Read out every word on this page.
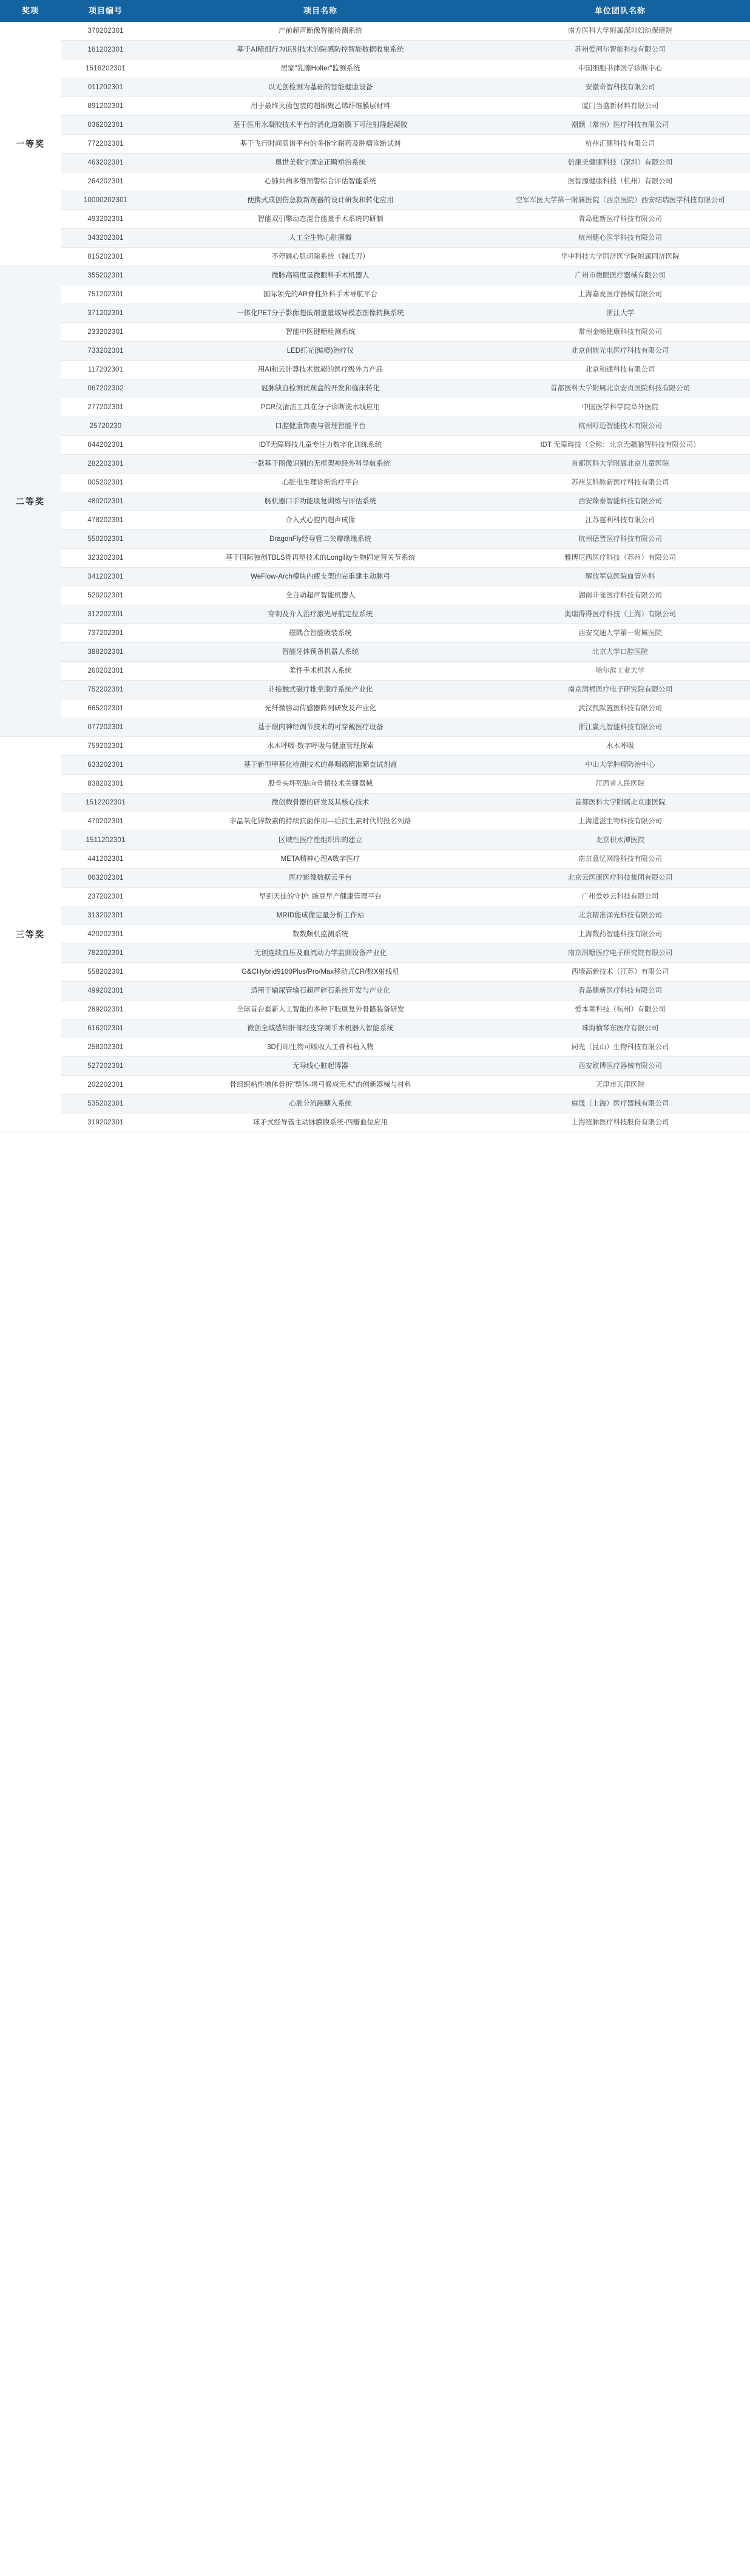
奖项	项目编号	项目名称	单位团队名称
一等奖	370202301	产前超声断像智能检测系统	南方医科大学附属深圳妇幼保健院
	161202301	基于AI精细行为识别技术的院感防控智能数据收集系统	苏州爱河尔智能科技有限公司
	1516202301	居家"乳腺Holter"监测系统	中国细胞书律医学诊断中心
	011202301	以无创检测为基础的智能健康设备	安徽奇智科技有限公司
	891202301	用于最终灭菌包装的超细聚乙烯纤维膜层材料	厦门当盛新材料有限公司
	036202301	基于医用水凝胶技术平台的消化道黏膜下可注射隆起凝胶	潮颢（常州）医疗科技有限公司
	772202301	基于飞行时间质谱平台的多指字耐药及肿瘤诊断试剂	杭州汇健科技有限公司
	463202301	奥世美数字固定正畸矫治系统	倍康美健康科技（深圳）有限公司
	264202301	心肺共病多维预警综合评估智能系统	医智源健康科技（杭州）有限公司
	10000202301	便携式成创伤急救新剂器的设计研发和转化应用	空军军医大学第一附属医院（西京医院）西安结瑞医学科技有限公司
	493202301	智能双引擎动态混合能量手术系统的研制	青岛健新医疗科技有限公司
	343202301	人工全生物心脏膜瓣	杭州健心医学科技有限公司
	815202301	不停跳心肌切除系统（魏氏刀）	华中科技大学同济医学院附属同济医院
二等奖	355202301	微脉高精度显微眼科手术机器人	广州市微眼医疗器械有限公司
	751202301	国际领先的AR脊柱外科手术导航平台	上海嘉麦医疗器械有限公司
	371202301	一体化PET分子影像超低剂量量域导模态图像转换系统	浙江大学
	233202301	智能中医键糖检测系统	常州金畅健康科技有限公司
	733202301	LED红光(编橙)治疗仪	北京创能光电医疗科技有限公司
	117202301	用AI和云计算技术做超的医疗级外力产品	北京和通科技有限公司
	067202302	冠脉缺血检测试剂盒的开发和临床转化	首都医科大学附属北京安贞医院科技有限公司
	277202301	PCR仪清洁工具在分子诊断洗水线应用	中国医学科学院阜外医院
	25720230	口腔健康饰查与管理智能平台	杭州叮迈智能技术有限公司
	044202301	IDT无障碍技儿童专注力数字化训练系统	IDT 无障碍技（全称：北京无疆脑智科技有限公司）
	282202301	一款基于图像识别的无框架神经外科导航系统	首都医科大学附属北京儿童医院
	005202301	心脏电生理诊断治疗平台	苏州艾科脉新医疗科技有限公司
	480202301	肠机器口手功能康复训练与评估系统	西安臻泰智能科技有限公司
	478202301	介入式心腔内超声成像	江苏霆利科技有限公司
	550202301	DragonFly经导管二尖瓣缘缘系统	杭州德晋医疗科技有限公司
	323202301	基于国际独创TBLS骨再塑技术的Longility生物固定替关节系统	雅博尼西医疗科技（苏州）有限公司
	341202301	WeFlow-Arch模块内疲支架的完重建主动脉弓	解放军总医院血管外科
	520202301	全自动超声智能机器人	湖南非雀医疗科技有限公司
	312202301	穿刺及介入治疗激光导航定位系统	奥瑞得得医疗科技（上海）有限公司
	737202301	磁隅合智能吸装系统	西安交通大学第一附属医院
	388202301	智能牙体预备机器人系统	北京大学口腔医院
	260202301	柔性手术机器人系统	哈尔滨工业大学
	752202301	非接触式磁疗推拿康疗系统产业化	南京润桶医疗电子研究院有限公司
	665202301	光纤微膀动传感器阵列研发及产业化	武汉凯默置医科技有限公司
	077202301	基于眼肉神经调节技术的可穿戴医疗设备	浙江赢凡智能科技有限公司
三等奖	759202301	水木呼吸·数字呼吸与健康管理探索	水木呼吸
	633202301	基于新型甲基化检测技术的鼻咽癌精准筛查试剂盒	中山大学肿瘤防治中心
	838202301	股骨头坏死贴向骨植技术关键器械	江西省人民医院
	1512202301	微创载骨器的研发及其核心技术	首都医科大学附属北京康医院
	470202301	非晶氧化锌数素的持续抗菌作用—后抗生素时代的投名列路	上海道滋生物科技有限公司
	1511202301	区域性医疗性组织库的建立	北京积水潭医院
	441202301	META精神心理A数字医疗	南京意忆网络科技有限公司
	063202301	医疗影像数据云平台	北京云医康医疗科技集团有限公司
	237202301	早到天徒的守护: 豌豆早产健康管理平台	广州爱妙云科技有限公司
	313202301	MRID能成像定量分析工作站	北京精准泽光科技有限公司
	420202301	数数颇机监测系统	上海数药智能科技有限公司
	782202301	无创连续血压及血流动力学监测设备产业化	南京润糖医疗电子研究院有限公司
	558202301	G&CHybrid9100Plus/Pro/Max移动式CR/数X射线机	西墙高新技术（江苏）有限公司
	499202301	适用于输尿管输石超声碎石系统开发与产业化	青岛健新医疗科技有限公司
	289202301	全球首台套新人工智能的多种下肢康复外骨骼装备研发	爱本莱科技（杭州）有限公司
	616202301	微创全域感知肝部经皮穿刺手术机器人智能系统	珠海横琴东医疗有限公司
	258202301	3D打印生物可吸收人工骨科植入物	同光（昆山）生物科技有限公司
	527202301	无导线心脏起博器	西安欧博医疗器械有限公司
	202202301	骨组织粘性增体骨折"整体-增弓修成无术"的创新器械与材料	天津市天津医院
	535202301	心脏分流融糖入系统	庭晟（上海）医疗器械有限公司
	319202301	球矛式经导管主动脉膜膜系统-四瓣血位应用	上海纽脉医疗科技股份有限公司
